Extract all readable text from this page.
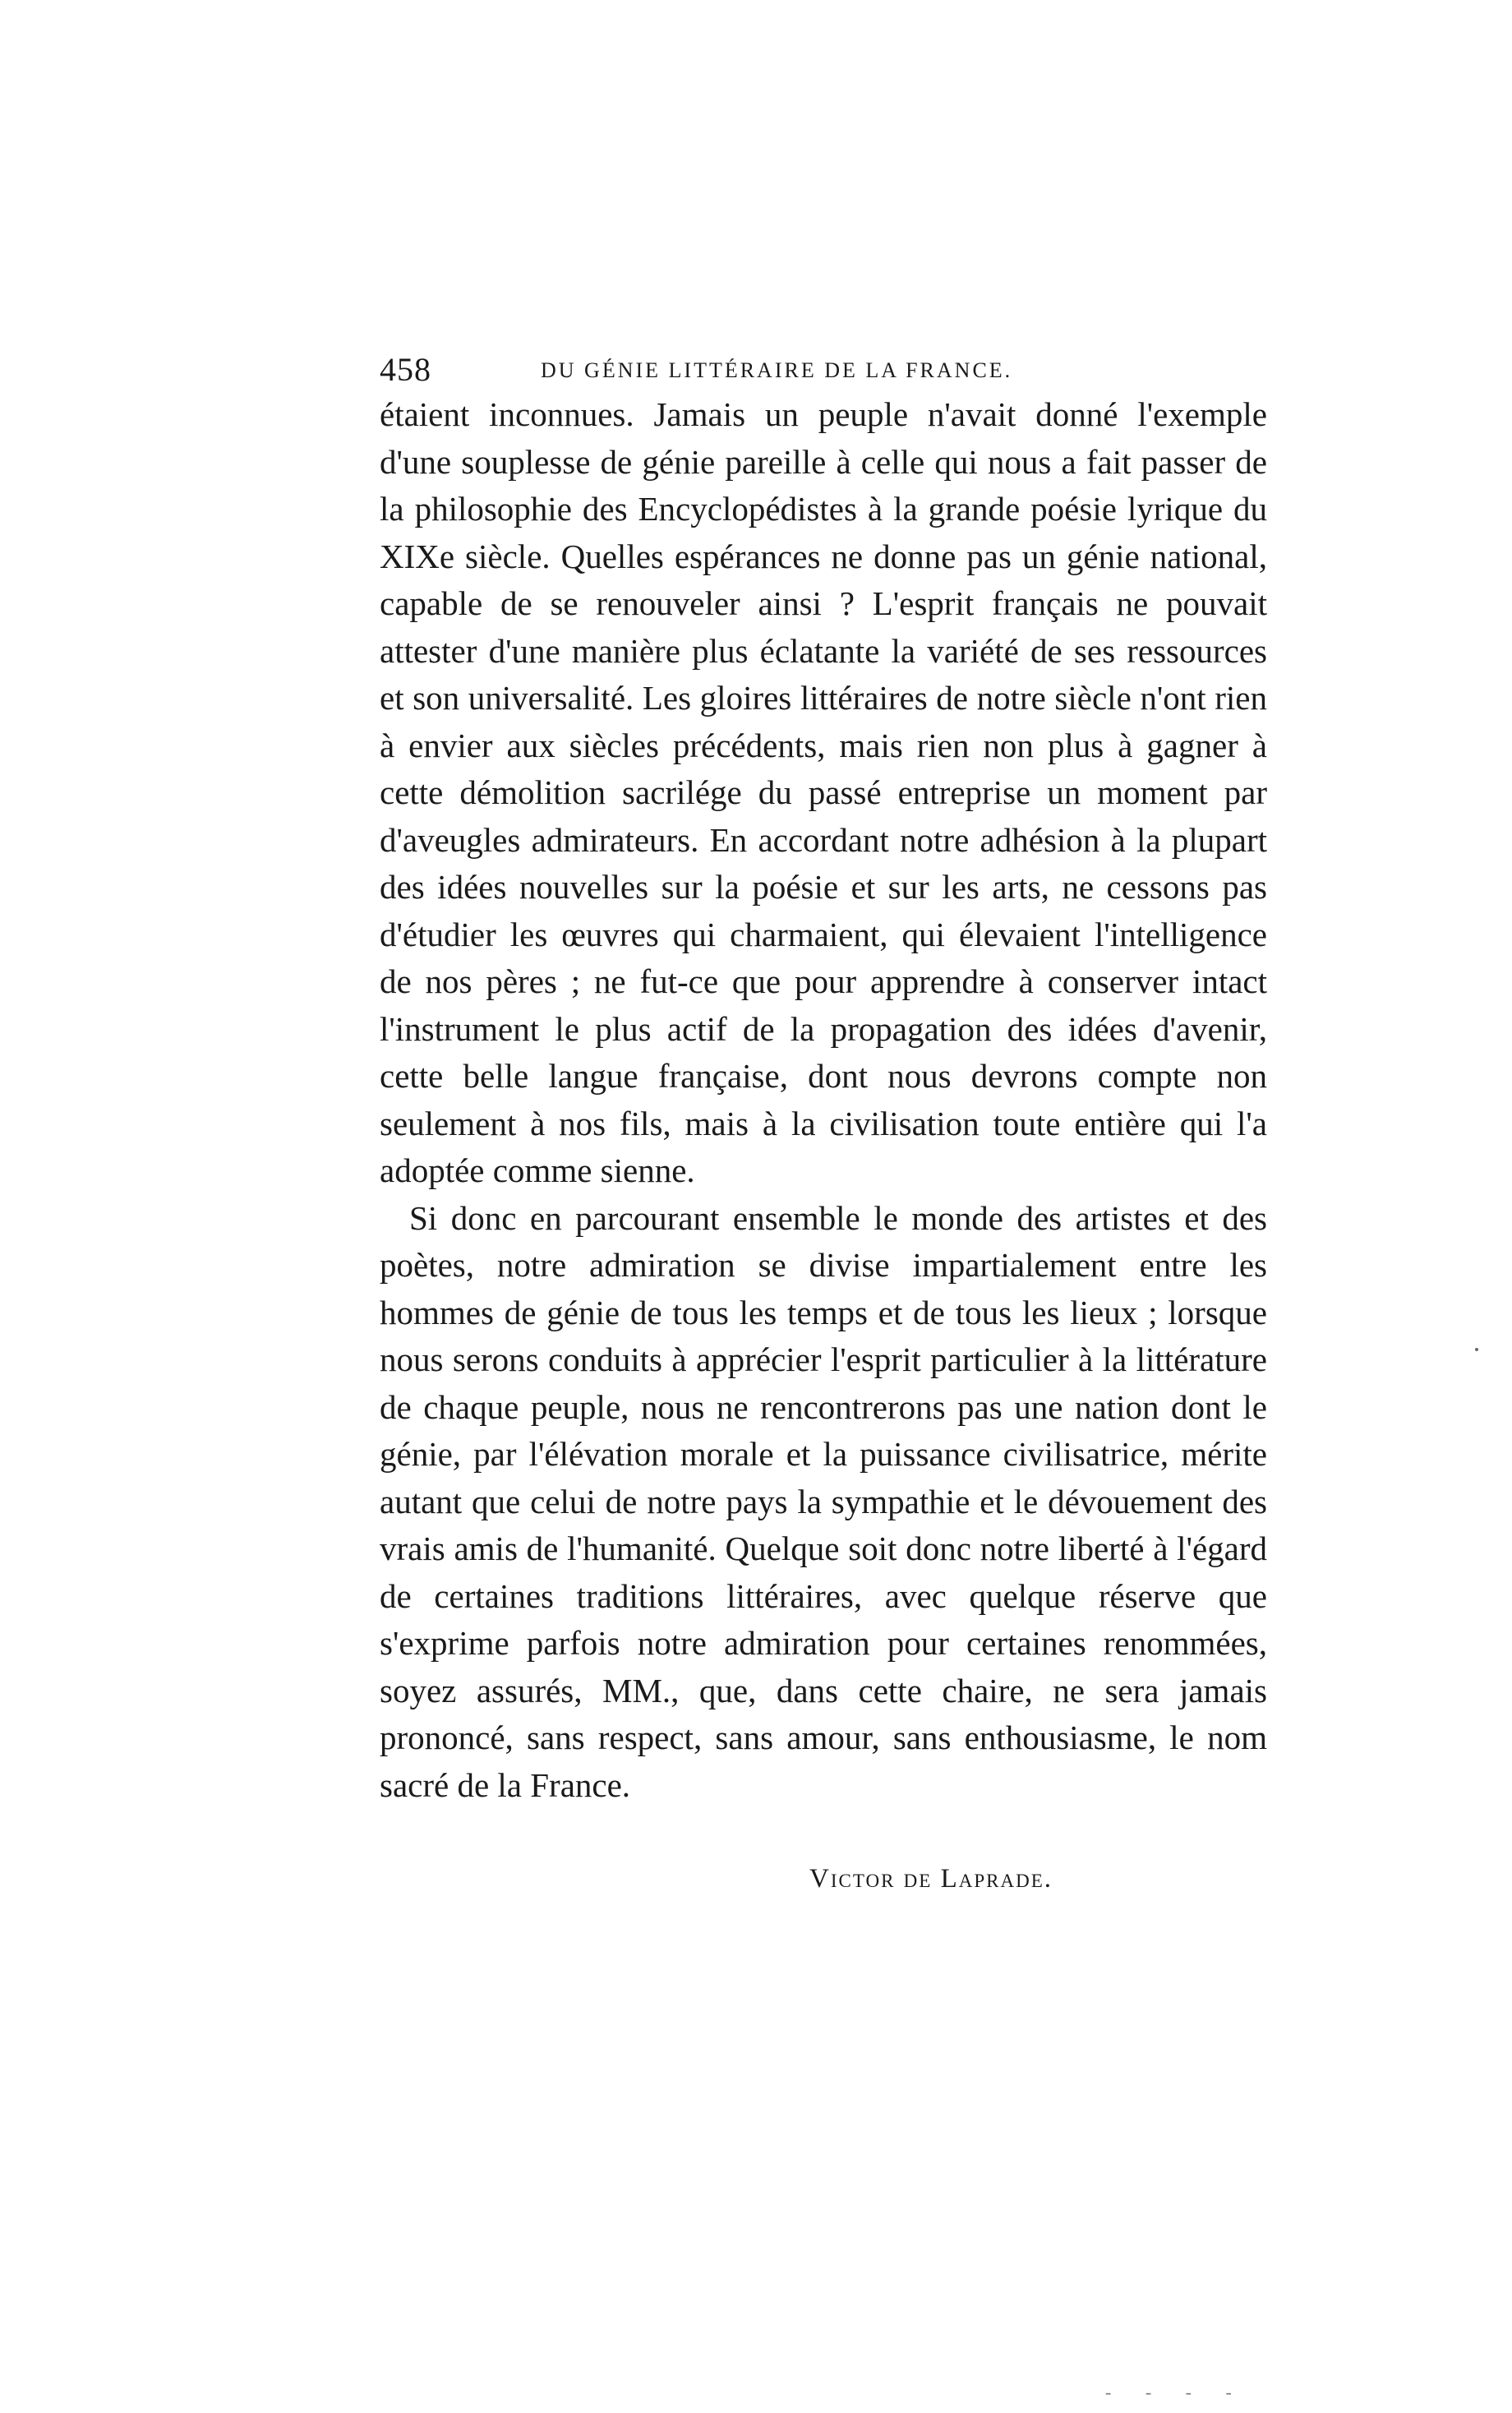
458	DU GÉNIE LITTÉRAIRE DE LA FRANCE.

étaient inconnues. Jamais un peuple n'avait donné l'exemple d'une souplesse de génie pareille à celle qui nous a fait passer de la philosophie des Encyclopédistes à la grande poésie lyrique du XIXe siècle. Quelles espérances ne donne pas un génie national, capable de se renouveler ainsi ? L'esprit français ne pouvait attester d'une manière plus éclatante la variété de ses ressources et son universalité. Les gloires littéraires de notre siècle n'ont rien à envier aux siècles précédents, mais rien non plus à gagner à cette démolition sacrilége du passé entreprise un moment par d'aveugles admirateurs. En accordant notre adhésion à la plupart des idées nouvelles sur la poésie et sur les arts, ne cessons pas d'étudier les œuvres qui charmaient, qui élevaient l'intelligence de nos pères ; ne fut-ce que pour apprendre à conserver intact l'instrument le plus actif de la propagation des idées d'avenir, cette belle langue française, dont nous devrons compte non seulement à nos fils, mais à la civilisation toute entière qui l'a adoptée comme sienne.

Si donc en parcourant ensemble le monde des artistes et des poètes, notre admiration se divise impartialement entre les hommes de génie de tous les temps et de tous les lieux ; lorsque nous serons conduits à apprécier l'esprit particulier à la littérature de chaque peuple, nous ne rencontrerons pas une nation dont le génie, par l'élévation morale et la puissance civilisatrice, mérite autant que celui de notre pays la sympathie et le dévouement des vrais amis de l'humanité. Quelque soit donc notre liberté à l'égard de certaines traditions littéraires, avec quelque réserve que s'exprime parfois notre admiration pour certaines renommées, soyez assurés, MM., que, dans cette chaire, ne sera jamais prononcé, sans respect, sans amour, sans enthousiasme, le nom sacré de la France.

Victor de Laprade.
- - - -
